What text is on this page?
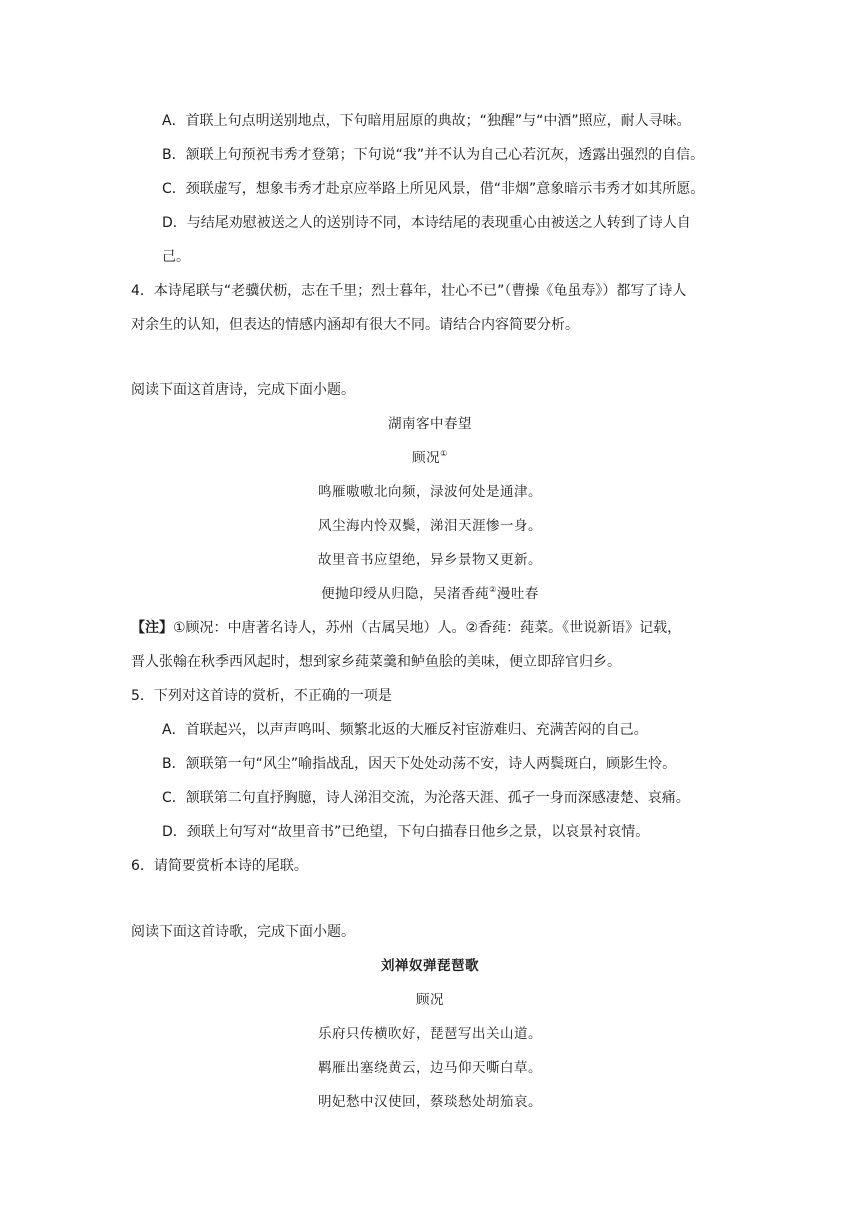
A．首联上句点明送别地点，下句暗用屈原的典故；“独醒”与“中酒”照应，耐人寻味。
B．颔联上句预祝韦秀才登第；下句说“我”并不认为自己心若沉灰，透露出强烈的自信。
C．颈联虚写，想象韦秀才赴京应举路上所见风景，借“非烟”意象暗示韦秀才如其所愿。
D．与结尾劝慰被送之人的送别诗不同，本诗结尾的表现重心由被送之人转到了诗人自
己。
4．本诗尾联与“老骥伏枥，志在千里；烈士暮年，壮心不已”（曹操《龟虽寿》）都写了诗人
对余生的认知，但表达的情感内涵却有很大不同。请结合内容简要分析。
阅读下面这首唐诗，完成下面小题。
湖南客中春望
顾况①
鸣雁嗷嗷北向频，渌波何处是通津。
风尘海内怜双鬓，涕泪天涯惨一身。
故里音书应望绝，异乡景物又更新。
便抛印绶从归隐，吴渚香莼②漫吐春
【注】①顾况：中唐著名诗人，苏州（古属吴地）人。②香莼：莼菜。《世说新语》记载，
晋人张翰在秋季西风起时，想到家乡莼菜羹和鲈鱼脍的美味，便立即辞官归乡。
5．下列对这首诗的赏析，不正确的一项是
A．首联起兴，以声声鸣叫、频繁北返的大雁反衬宦游难归、充满苦闷的自己。
B．颔联第一句“风尘”喻指战乱，因天下处处动荡不安，诗人两鬓斑白，顾影生怜。
C．颔联第二句直抒胸臆，诗人涕泪交流，为沦落天涯、孤孑一身而深感凄楚、哀痛。
D．颈联上句写对“故里音书”已绝望，下句白描春日他乡之景，以哀景衬哀情。
6．请简要赏析本诗的尾联。
阅读下面这首诗歌，完成下面小题。
刘禅奴弹琵琶歌
顾况
乐府只传横吹好，琵琶写出关山道。
羁雁出塞绕黄云，边马仰天嘶白草。
明妃愁中汉使回，蔡琰愁处胡笳哀。
